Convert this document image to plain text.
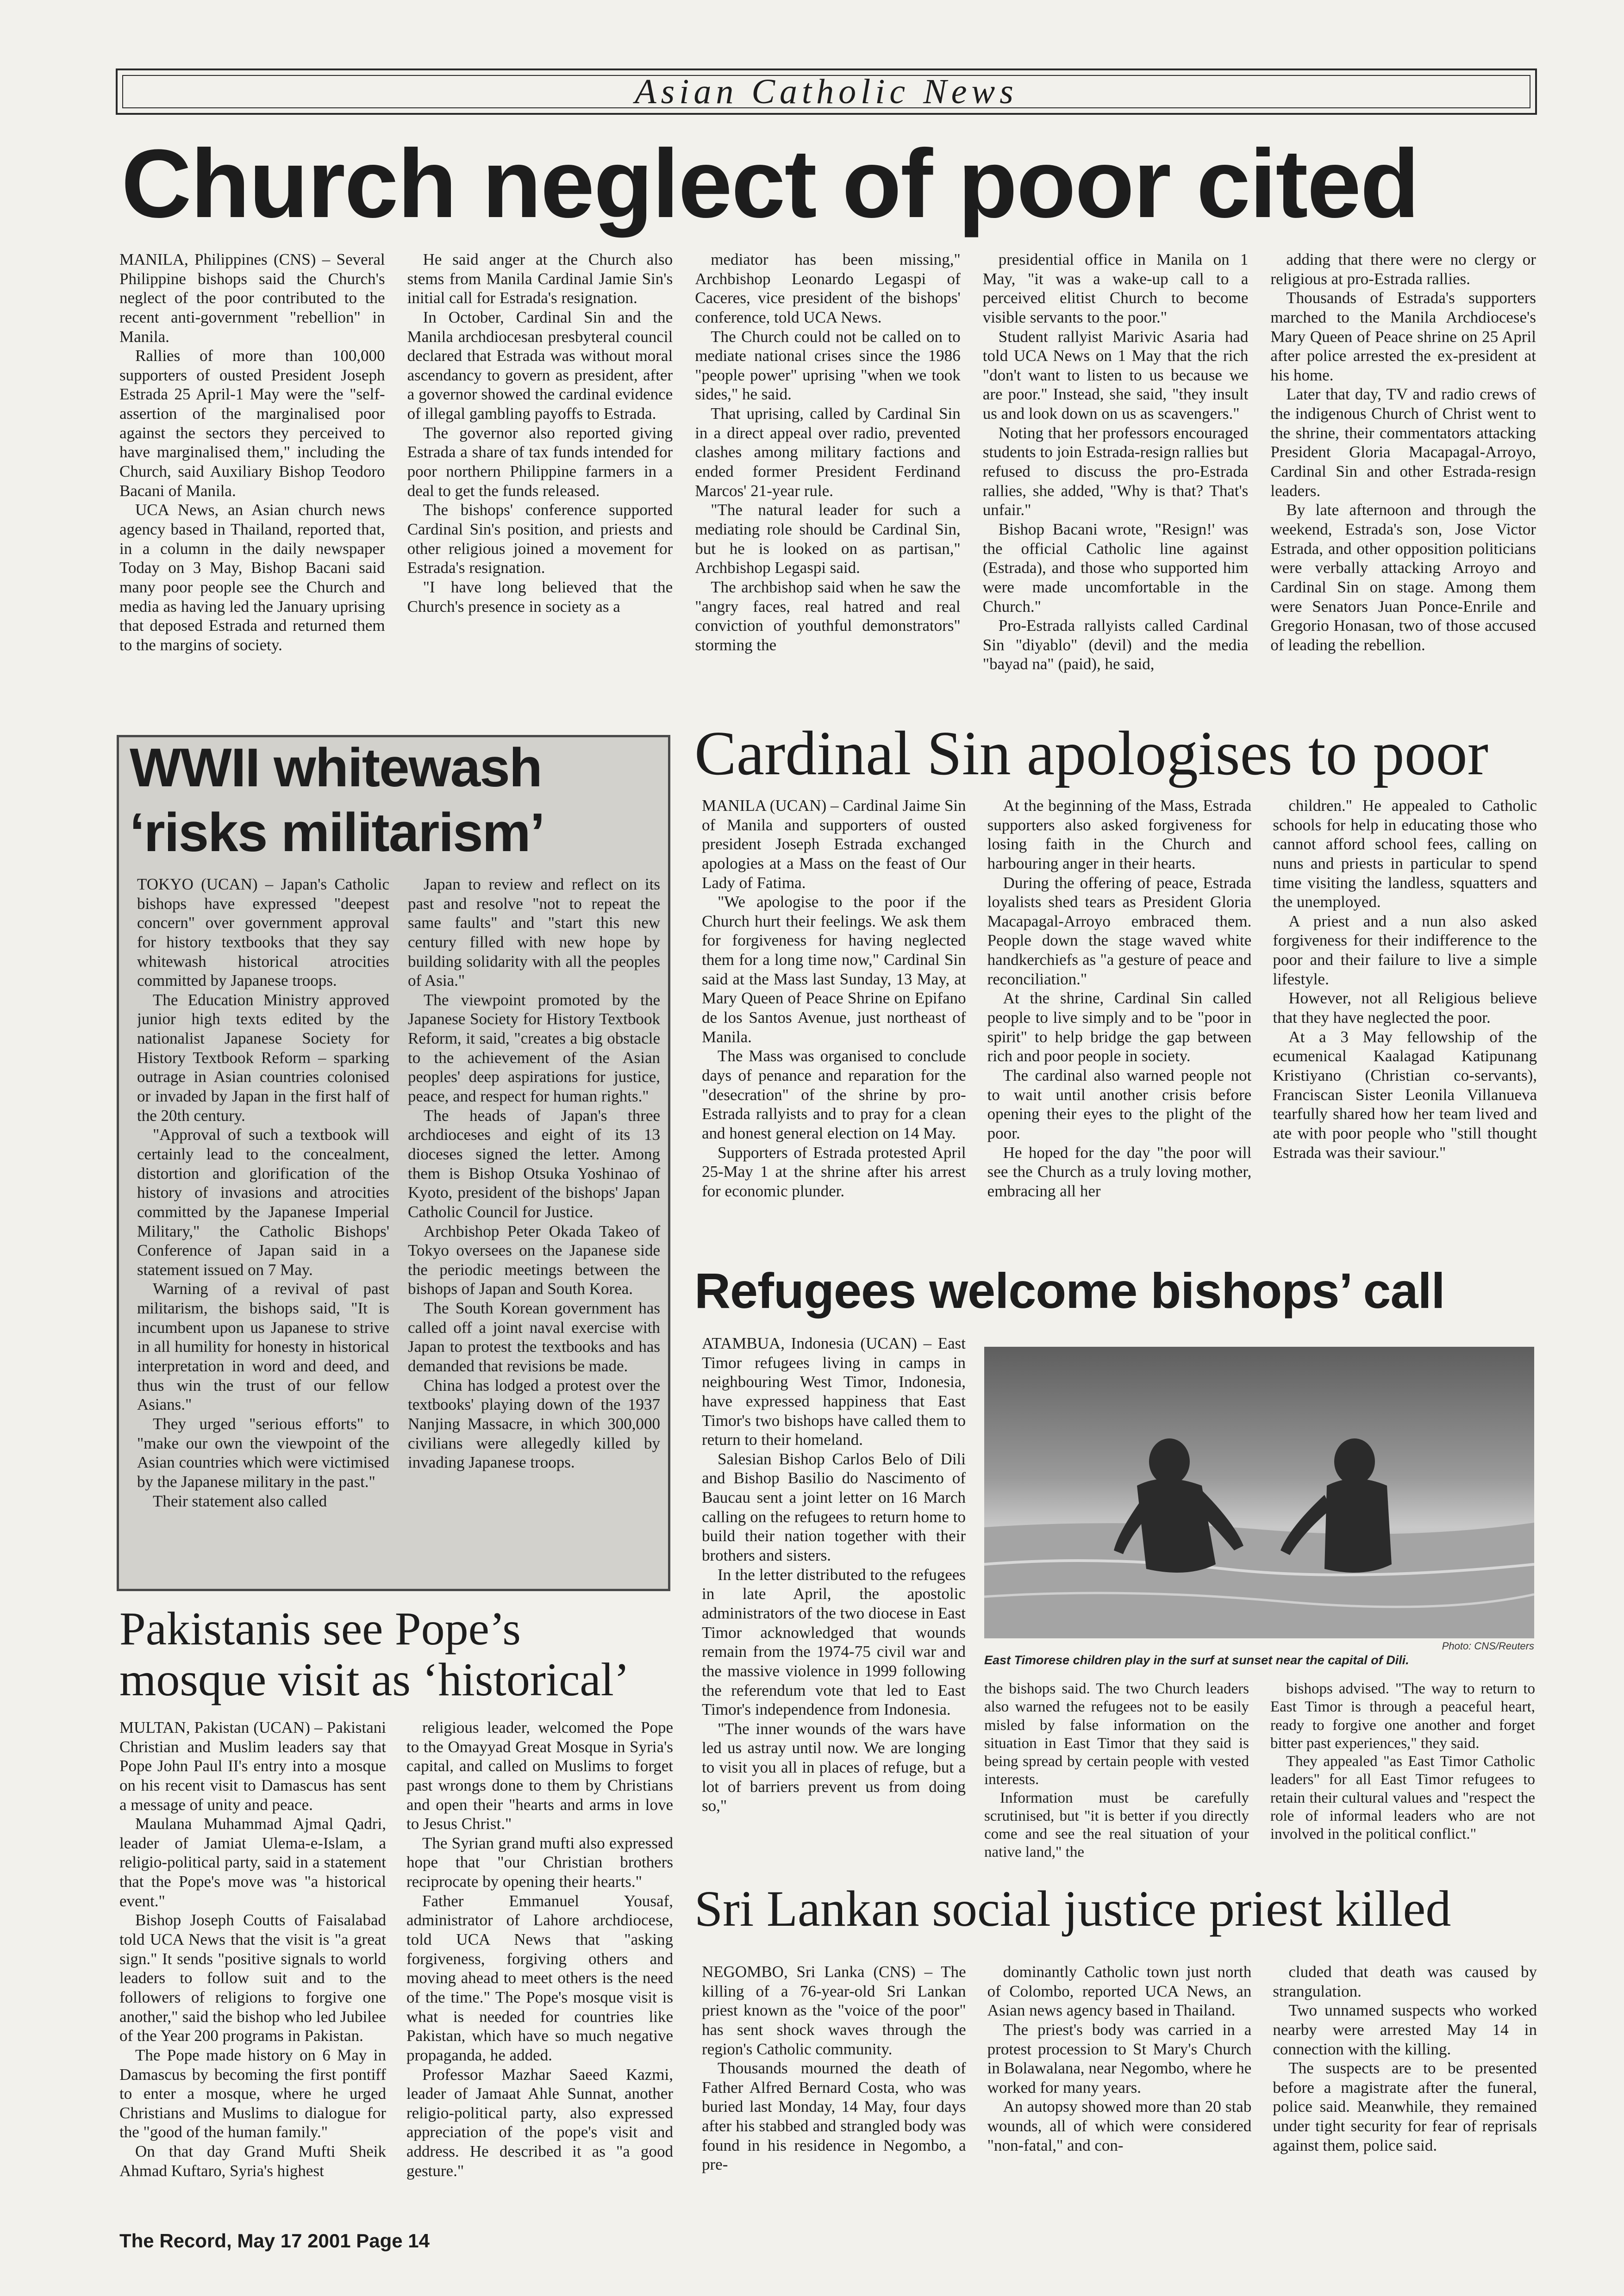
Asian Catholic News
Church neglect of poor cited

MANILA, Philippines (CNS) – Several Philippine bishops said the Church's neglect of the poor contributed to the recent anti-government "rebellion" in Manila.

Rallies of more than 100,000 supporters of ousted President Joseph Estrada 25 April-1 May were the "self-assertion of the marginalised poor against the sectors they perceived to have marginalised them," including the Church, said Auxiliary Bishop Teodoro Bacani of Manila.

UCA News, an Asian church news agency based in Thailand, reported that, in a column in the daily newspaper Today on 3 May, Bishop Bacani said many poor people see the Church and media as having led the January uprising that deposed Estrada and returned them to the margins of society.

He said anger at the Church also stems from Manila Cardinal Jamie Sin's initial call for Estrada's resignation.

In October, Cardinal Sin and the Manila archdiocesan presbyteral council declared that Estrada was without moral ascendancy to govern as president, after a governor showed the cardinal evidence of illegal gambling payoffs to Estrada.

The governor also reported giving Estrada a share of tax funds intended for poor northern Philippine farmers in a deal to get the funds released.

The bishops' conference supported Cardinal Sin's position, and priests and other religious joined a movement for Estrada's resignation.

"I have long believed that the Church's presence in society as a

mediator has been missing," Archbishop Leonardo Legaspi of Caceres, vice president of the bishops' conference, told UCA News.

The Church could not be called on to mediate national crises since the 1986 "people power" uprising "when we took sides," he said.

That uprising, called by Cardinal Sin in a direct appeal over radio, prevented clashes among military factions and ended former President Ferdinand Marcos' 21-year rule.

"The natural leader for such a mediating role should be Cardinal Sin, but he is looked on as partisan," Archbishop Legaspi said.

The archbishop said when he saw the "angry faces, real hatred and real conviction of youthful demonstrators" storming the

presidential office in Manila on 1 May, "it was a wake-up call to a perceived elitist Church to become visible servants to the poor."

Student rallyist Marivic Asaria had told UCA News on 1 May that the rich "don't want to listen to us because we are poor." Instead, she said, "they insult us and look down on us as scavengers."

Noting that her professors encouraged students to join Estrada-resign rallies but refused to discuss the pro-Estrada rallies, she added, "Why is that? That's unfair."

Bishop Bacani wrote, "Resign!' was the official Catholic line against (Estrada), and those who supported him were made uncomfortable in the Church."

Pro-Estrada rallyists called Cardinal Sin "diyablo" (devil) and the media "bayad na" (paid), he said,

adding that there were no clergy or religious at pro-Estrada rallies.

Thousands of Estrada's supporters marched to the Manila Archdiocese's Mary Queen of Peace shrine on 25 April after police arrested the ex-president at his home.

Later that day, TV and radio crews of the indigenous Church of Christ went to the shrine, their commentators attacking President Gloria Macapagal-Arroyo, Cardinal Sin and other Estrada-resign leaders.

By late afternoon and through the weekend, Estrada's son, Jose Victor Estrada, and other opposition politicians were verbally attacking Arroyo and Cardinal Sin on stage. Among them were Senators Juan Ponce-Enrile and Gregorio Honasan, two of those accused of leading the rebellion.

WWII whitewash
‘risks militarism’

TOKYO (UCAN) – Japan's Catholic bishops have expressed "deepest concern" over government approval for history textbooks that they say whitewash historical atrocities committed by Japanese troops.

The Education Ministry approved junior high texts edited by the nationalist Japanese Society for History Textbook Reform – sparking outrage in Asian countries colonised or invaded by Japan in the first half of the 20th century.

"Approval of such a textbook will certainly lead to the concealment, distortion and glorification of the history of invasions and atrocities committed by the Japanese Imperial Military," the Catholic Bishops' Conference of Japan said in a statement issued on 7 May.

Warning of a revival of past militarism, the bishops said, "It is incumbent upon us Japanese to strive in all humility for honesty in historical interpretation in word and deed, and thus win the trust of our fellow Asians."

They urged "serious efforts" to "make our own the viewpoint of the Asian countries which were victimised by the Japanese military in the past."

Their statement also called

Japan to review and reflect on its past and resolve "not to repeat the same faults" and "start this new century filled with new hope by building solidarity with all the peoples of Asia."

The viewpoint promoted by the Japanese Society for History Textbook Reform, it said, "creates a big obstacle to the achievement of the Asian peoples' deep aspirations for justice, peace, and respect for human rights."

The heads of Japan's three archdioceses and eight of its 13 dioceses signed the letter. Among them is Bishop Otsuka Yoshinao of Kyoto, president of the bishops' Japan Catholic Council for Justice.

Archbishop Peter Okada Takeo of Tokyo oversees on the Japanese side the periodic meetings between the bishops of Japan and South Korea.

The South Korean government has called off a joint naval exercise with Japan to protest the textbooks and has demanded that revisions be made.

China has lodged a protest over the textbooks' playing down of the 1937 Nanjing Massacre, in which 300,000 civilians were allegedly killed by invading Japanese troops.

Cardinal Sin apologises to poor

MANILA (UCAN) – Cardinal Jaime Sin of Manila and supporters of ousted president Joseph Estrada exchanged apologies at a Mass on the feast of Our Lady of Fatima.

"We apologise to the poor if the Church hurt their feelings. We ask them for forgiveness for having neglected them for a long time now," Cardinal Sin said at the Mass last Sunday, 13 May, at Mary Queen of Peace Shrine on Epifano de los Santos Avenue, just northeast of Manila.

The Mass was organised to conclude days of penance and reparation for the "desecration" of the shrine by pro-Estrada rallyists and to pray for a clean and honest general election on 14 May.

Supporters of Estrada protested April 25-May 1 at the shrine after his arrest for economic plunder.

At the beginning of the Mass, Estrada supporters also asked forgiveness for losing faith in the Church and harbouring anger in their hearts.

During the offering of peace, Estrada loyalists shed tears as President Gloria Macapagal-Arroyo embraced them. People down the stage waved white handkerchiefs as "a gesture of peace and reconciliation."

At the shrine, Cardinal Sin called people to live simply and to be "poor in spirit" to help bridge the gap between rich and poor people in society.

The cardinal also warned people not to wait until another crisis before opening their eyes to the plight of the poor.

He hoped for the day "the poor will see the Church as a truly loving mother, embracing all her

children." He appealed to Catholic schools for help in educating those who cannot afford school fees, calling on nuns and priests in particular to spend time visiting the landless, squatters and the unemployed.

A priest and a nun also asked forgiveness for their indifference to the poor and their failure to live a simple lifestyle.

However, not all Religious believe that they have neglected the poor.

At a 3 May fellowship of the ecumenical Kaalagad Katipunang Kristiyano (Christian co-servants), Franciscan Sister Leonila Villanueva tearfully shared how her team lived and ate with poor people who "still thought Estrada was their saviour."

Refugees welcome bishops’ call

ATAMBUA, Indonesia (UCAN) – East Timor refugees living in camps in neighbouring West Timor, Indonesia, have expressed happiness that East Timor's two bishops have called them to return to their homeland.

Salesian Bishop Carlos Belo of Dili and Bishop Basilio do Nascimento of Baucau sent a joint letter on 16 March calling on the refugees to return home to build their nation together with their brothers and sisters.

In the letter distributed to the refugees in late April, the apostolic administrators of the two diocese in East Timor acknowledged that wounds remain from the 1974-75 civil war and the massive violence in 1999 following the referendum vote that led to East Timor's independence from Indonesia.

"The inner wounds of the wars have led us astray until now. We are longing to visit you all in places of refuge, but a lot of barriers prevent us from doing so,"

Photo: CNS/Reuters
East Timorese children play in the surf at sunset near the capital of Dili.

the bishops said. The two Church leaders also warned the refugees not to be easily misled by false information on the situation in East Timor that they said is being spread by certain people with vested interests.

Information must be carefully scrutinised, but "it is better if you directly come and see the real situation of your native land," the

bishops advised. "The way to return to East Timor is through a peaceful heart, ready to forgive one another and forget bitter past experiences," they said.

They appealed "as East Timor Catholic leaders" for all East Timor refugees to retain their cultural values and "respect the role of informal leaders who are not involved in the political conflict."

Pakistanis see Pope’s
mosque visit as ‘historical’

MULTAN, Pakistan (UCAN) – Pakistani Christian and Muslim leaders say that Pope John Paul II's entry into a mosque on his recent visit to Damascus has sent a message of unity and peace.

Maulana Muhammad Ajmal Qadri, leader of Jamiat Ulema-e-Islam, a religio-political party, said in a statement that the Pope's move was "a historical event."

Bishop Joseph Coutts of Faisalabad told UCA News that the visit is "a great sign." It sends "positive signals to world leaders to follow suit and to the followers of religions to forgive one another," said the bishop who led Jubilee of the Year 200 programs in Pakistan.

The Pope made history on 6 May in Damascus by becoming the first pontiff to enter a mosque, where he urged Christians and Muslims to dialogue for the "good of the human family."

On that day Grand Mufti Sheik Ahmad Kuftaro, Syria's highest

religious leader, welcomed the Pope to the Omayyad Great Mosque in Syria's capital, and called on Muslims to forget past wrongs done to them by Christians and open their "hearts and arms in love to Jesus Christ."

The Syrian grand mufti also expressed hope that "our Christian brothers reciprocate by opening their hearts."

Father Emmanuel Yousaf, administrator of Lahore archdiocese, told UCA News that "asking forgiveness, forgiving others and moving ahead to meet others is the need of the time." The Pope's mosque visit is what is needed for countries like Pakistan, which have so much negative propaganda, he added.

Professor Mazhar Saeed Kazmi, leader of Jamaat Ahle Sunnat, another religio-political party, also expressed appreciation of the pope's visit and address. He described it as "a good gesture."

Sri Lankan social justice priest killed

NEGOMBO, Sri Lanka (CNS) – The killing of a 76-year-old Sri Lankan priest known as the "voice of the poor" has sent shock waves through the region's Catholic community.

Thousands mourned the death of Father Alfred Bernard Costa, who was buried last Monday, 14 May, four days after his stabbed and strangled body was found in his residence in Negombo, a pre-

dominantly Catholic town just north of Colombo, reported UCA News, an Asian news agency based in Thailand.

The priest's body was carried in a protest procession to St Mary's Church in Bolawalana, near Negombo, where he worked for many years.

An autopsy showed more than 20 stab wounds, all of which were considered "non-fatal," and con-

cluded that death was caused by strangulation.

Two unnamed suspects who worked nearby were arrested May 14 in connection with the killing.

The suspects are to be presented before a magistrate after the funeral, police said. Meanwhile, they remained under tight security for fear of reprisals against them, police said.

The Record, May 17 2001 Page 14
